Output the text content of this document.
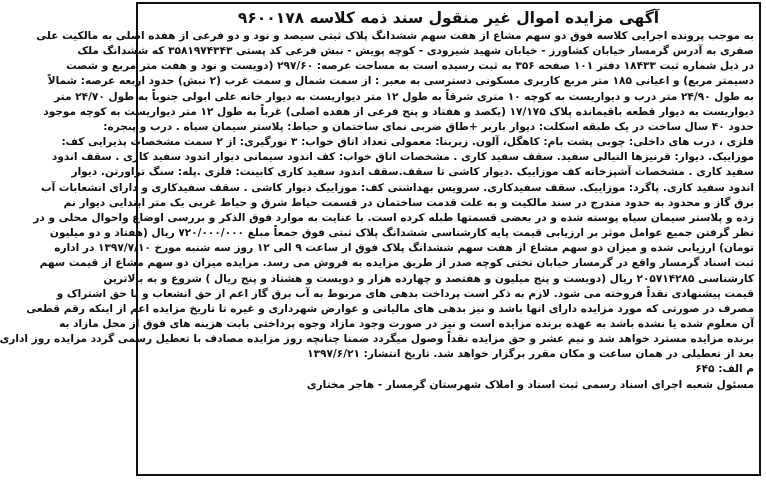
آگهی مزایده اموال غیر منقول سند ذمه کلاسه ۹۶۰۰۱۷۸
به موجب پرونده اجرایی کلاسه فوق دو سهم مشاع از هفت سهم ششدانگ پلاک ثبتی سیصد و نود و دو فرعی از هفده اصلی به مالکیت علی
صفری به آدرس گرمسار خیابان کشاورز - خیابان شهید شیرودی - کوچه پویش - نبش فرعی کد پستی ۳۵۸۱۹۷۴۳۴۳ که ششدانگ ملک
در ذیل شماره ثبت ۱۸۴۳۳ دفتر ۱۰۱ صفحه ۳۵۶ به ثبت رسیده است به مساحت عرصه: ۲۹۷/۶۰ (دویست و نود و هفت متر مربع و شصت
دسیمتر مربع) و اعیانی ۱۸۵ متر مربع کاربری مسکونی دسترسی به معبر : از سمت شمال و سمت غرب (۲ نبش) حدود اربعه عرصه: شمالاً
به طول ۲۴/۹۰ متر درب و دیواریست به کوچه ۱۰ متری شرقاً به طول ۱۲ متر دیواریست به دیوار خانه علی ابولی جنوباً به طول ۲۴/۷۰ متر
دیواریست به دیوار قطعه باقیمانده پلاک ۱۷/۱۷۵ (یکصد و هفتاد و پنج فرعی از هفده اصلی) غرباً به طول ۱۲ متر دیواریست به کوچه موجود
حدود ۴۰ سال ساخت در یک طبقه اسکلت: دیوار باربر +طاق ضربی نمای ساختمان و حیاط: پلاستر سیمان سیاه . درب و پنجره:
فلزی ، درب های داخلی: چوبی پشت بام: کاهگل، آلون. زیربنا: معمولی تعداد اتاق خواب: ۳ نورگیری: از ۲ سمت مشخصات پذیرایی کف:
موزاییک. دیوار: قرنیز‌ها النیالی سفید. سقف سفید کاری . مشخصات اتاق خواب: کف اندود سیمانی دیوار اندود سفید کاری . سقف اندود
سفید کاری . مشخصات آشپزخانه کف موزاییک .دیوار کاشی تا سقف.سقف اندود سفید کاری کابینت: فلزی .پله: سنگ تراورتن. دیوار
اندود سفید کاری. پاگرد: موزاییک. سقف سفیدکاری. سرویس بهداشتی کف: موزاییک دیوار کاشی . سقف سفیدکاری و دارای انشعابات آب
برق گاز و محدود به حدود مندرج در سند مالکیت و به علت قدمت ساختمان در قسمت حیاط شرق و حیاط غربی یک متر ابتدایی دیوار نم
زده و پلاستر سیمان سیاه پوسته شده و در بعضی قسمتها طبله کرده است. با عنایت به موارد فوق الذکر و بررسی اوضاع واحوال محلی و در
نظر گرفتن جمیع عوامل موثر بر ارزیابی قیمت پایه کارشناسی ششدانگ پلاک ثبتی فوق جمعاً مبلغ ۷۲۰/۰۰۰/۰۰۰ ریال (هفتاد و دو میلیون
تومان) ارزیابی شده و میزان دو سهم مشاع از هفت سهم ششدانگ پلاک فوق از ساعت ۹ الی ۱۲ روز سه شنبه مورخ ۱۳۹۷/۷/۱۰ در اداره
ثبت اسناد گرمسار واقع در گرمسار خیابان تختی کوچه صدر از طریق مزایده به فروش می رسد. مزایده میزان دو سهم مشاع از قیمت سهم
کارشناسی ۲۰۵۷۱۴۲۸۵ ریال (دویست و پنج میلیون و هفتصد و چهارده هزار و دویست و هشتاد و پنج ریال ) شروع و به بالاترین
قیمت پیشنهادی نقداً فروخته می شود. لازم به ذکر است پرداخت بدهی های مربوط به آب برق گاز اعم از حق انشعاب و یا حق اشتراک و
مصرف در صورتی که مورد مزایده دارای انها باشد و نیز بدهی های مالیاتی و عوارض شهرداری و غیره تا تاریخ مزایده اعم از اینکه رقم قطعی
آن معلوم شده یا نشده باشد به عهده برنده مزایده است و نیز در صورت وجود مازاد وجوه پرداختی بابت هزینه های فوق از محل مازاد به
برنده مزایده مسترد خواهد شد و نیم عشر و حق مزایده نقداً وصول میگردد ضمنا چنانچه روز مزایده مصادف با تعطیل رسمی گردد مزایده روز اداری
بعد از تعطیلی در همان ساعت و مکان مقرر برگزار خواهد شد. تاریخ انتشار: ۱۳۹۷/۶/۲۱
م الف: ۶۴۵
مسئول شعبه اجرای اسناد رسمی ثبت اسناد و املاک شهرستان گرمسار - هاجر مختاری
